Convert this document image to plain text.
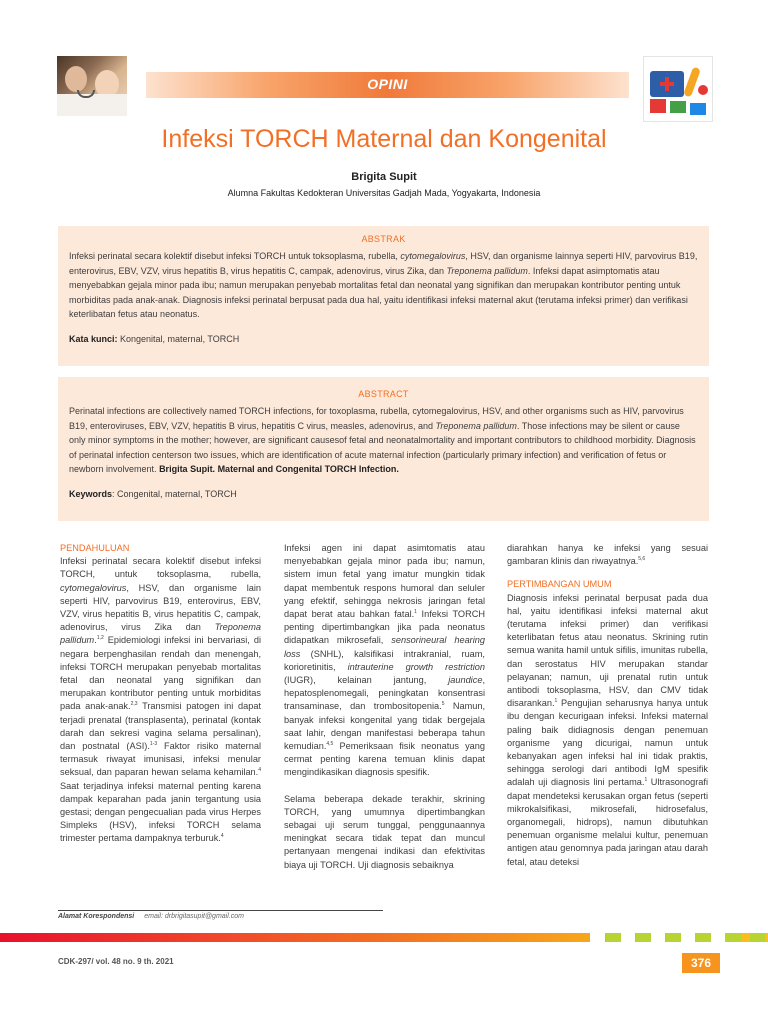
OPINI
Infeksi TORCH Maternal dan Kongenital
Brigita Supit
Alumna Fakultas Kedokteran Universitas Gadjah Mada, Yogyakarta, Indonesia
ABSTRAK

Infeksi perinatal secara kolektif disebut infeksi TORCH untuk toksoplasma, rubella, cytomegalovirus, HSV, dan organisme lainnya seperti HIV, parvovirus B19, enterovirus, EBV, VZV, virus hepatitis B, virus hepatitis C, campak, adenovirus, virus Zika, dan Treponema pallidum. Infeksi dapat asimptomatis atau menyebabkan gejala minor pada ibu; namun merupakan penyebab mortalitas fetal dan neonatal yang signifikan dan merupakan kontributor penting untuk morbiditas pada anak-anak. Diagnosis infeksi perinatal berpusat pada dua hal, yaitu identifikasi infeksi maternal akut (terutama infeksi primer) dan verifikasi keterlibatan fetus atau neonatus.

Kata kunci: Kongenital, maternal, TORCH
ABSTRACT

Perinatal infections are collectively named TORCH infections, for toxoplasma, rubella, cytomegalovirus, HSV, and other organisms such as HIV, parvovirus B19, enteroviruses, EBV, VZV, hepatitis B virus, hepatitis C virus, measles, adenovirus, and Treponema pallidum. Those infections may be silent or cause only minor symptoms in the mother; however, are significant causesof fetal and neonatalmortality and important contributors to childhood morbidity. Diagnosis of perinatal infection centerson two issues, which are identification of acute maternal infection (particularly primary infection) and verification of fetus or newborn involvement. Brigita Supit. Maternal and Congenital TORCH Infection.

Keywords: Congenital, maternal, TORCH
PENDAHULUAN

Infeksi perinatal secara kolektif disebut infeksi TORCH, untuk toksoplasma, rubella, cytomegalovirus, HSV, dan organisme lain seperti HIV, parvovirus B19, enterovirus, EBV, VZV, virus hepatitis B, virus hepatitis C, campak, adenovirus, virus Zika dan Treponema pallidum.$^{1,2}$ Epidemiologi infeksi ini bervariasi, di negara berpenghasilan rendah dan menengah, infeksi TORCH merupakan penyebab mortalitas fetal dan neonatal yang signifikan dan merupakan kontributor penting untuk morbiditas pada anak-anak.$^{2,3}$ Transmisi patogen ini dapat terjadi prenatal (transplasenta), perinatal (kontak darah dan sekresi vagina selama persalinan), dan postnatal (ASI).$^{1-3}$ Faktor risiko maternal termasuk riwayat imunisasi, infeksi menular seksual, dan paparan hewan selama kehamilan.$^4$ Saat terjadinya infeksi maternal penting karena dampak keparahan pada janin tergantung usia gestasi; dengan pengecualian pada virus Herpes Simpleks (HSV), infeksi TORCH selama trimester pertama dampaknya terburuk.$^4$

Infeksi agen ini dapat asimtomatis atau menyebabkan gejala minor pada ibu; namun, sistem imun fetal yang imatur mungkin tidak dapat membentuk respons humoral dan seluler yang efektif, sehingga nekrosis jaringan fetal dapat berat atau bahkan fatal.$^1$ Infeksi TORCH penting dipertimbangkan jika pada neonatus didapatkan mikrosefali, sensorineural hearing loss (SNHL), kalsifikasi intrakranial, ruam, korioretinitis, intrauterine growth restriction (IUGR), kelainan jantung, jaundice, hepatosplenomegali, peningkatan konsentrasi transaminase, dan trombositopenia.$^5$ Namun, banyak infeksi kongenital yang tidak bergejala saat lahir, dengan manifestasi beberapa tahun kemudian.$^{4,5}$ Pemeriksaan fisik neonatus yang cermat penting karena temuan klinis dapat mengindikasikan diagnosis spesifik.

Selama beberapa dekade terakhir, skrining TORCH, yang umumnya dipertimbangkan sebagai uji serum tunggal, penggunaannya meningkat secara tidak tepat dan muncul pertanyaan mengenai indikasi dan efektivitas biaya uji TORCH. Uji diagnosis sebaiknya

diarahkan hanya ke infeksi yang sesuai gambaran klinis dan riwayatnya.$^{5,6}$

PERTIMBANGAN UMUM

Diagnosis infeksi perinatal berpusat pada dua hal, yaitu identifikasi infeksi maternal akut (terutama infeksi primer) dan verifikasi keterlibatan fetus atau neonatus. Skrining rutin semua wanita hamil untuk sifilis, imunitas rubella, dan serostatus HIV merupakan standar pelayanan; namun, uji prenatal rutin untuk antibodi toksoplasma, HSV, dan CMV tidak disarankan.$^1$ Pengujian seharusnya hanya untuk ibu dengan kecurigaan infeksi. Infeksi maternal paling baik didiagnosis dengan penemuan organisme yang dicurigai, namun untuk kebanyakan agen infeksi hal ini tidak praktis, sehingga serologi dari antibodi IgM spesifik adalah uji diagnosis lini pertama.$^1$ Ultrasonografi dapat mendeteksi kerusakan organ fetus (seperti mikrokalsifikasi, mikrosefali, hidrosefalus, organomegali, hidrops), namun dibutuhkan penemuan organisme melalui kultur, penemuan antigen atau genomnya pada jaringan atau darah fetal, atau deteksi

Alamat Korespondensi email: drbrigitasupit@gmail.com
CDK-297/ vol. 48 no. 9 th. 2021	376
